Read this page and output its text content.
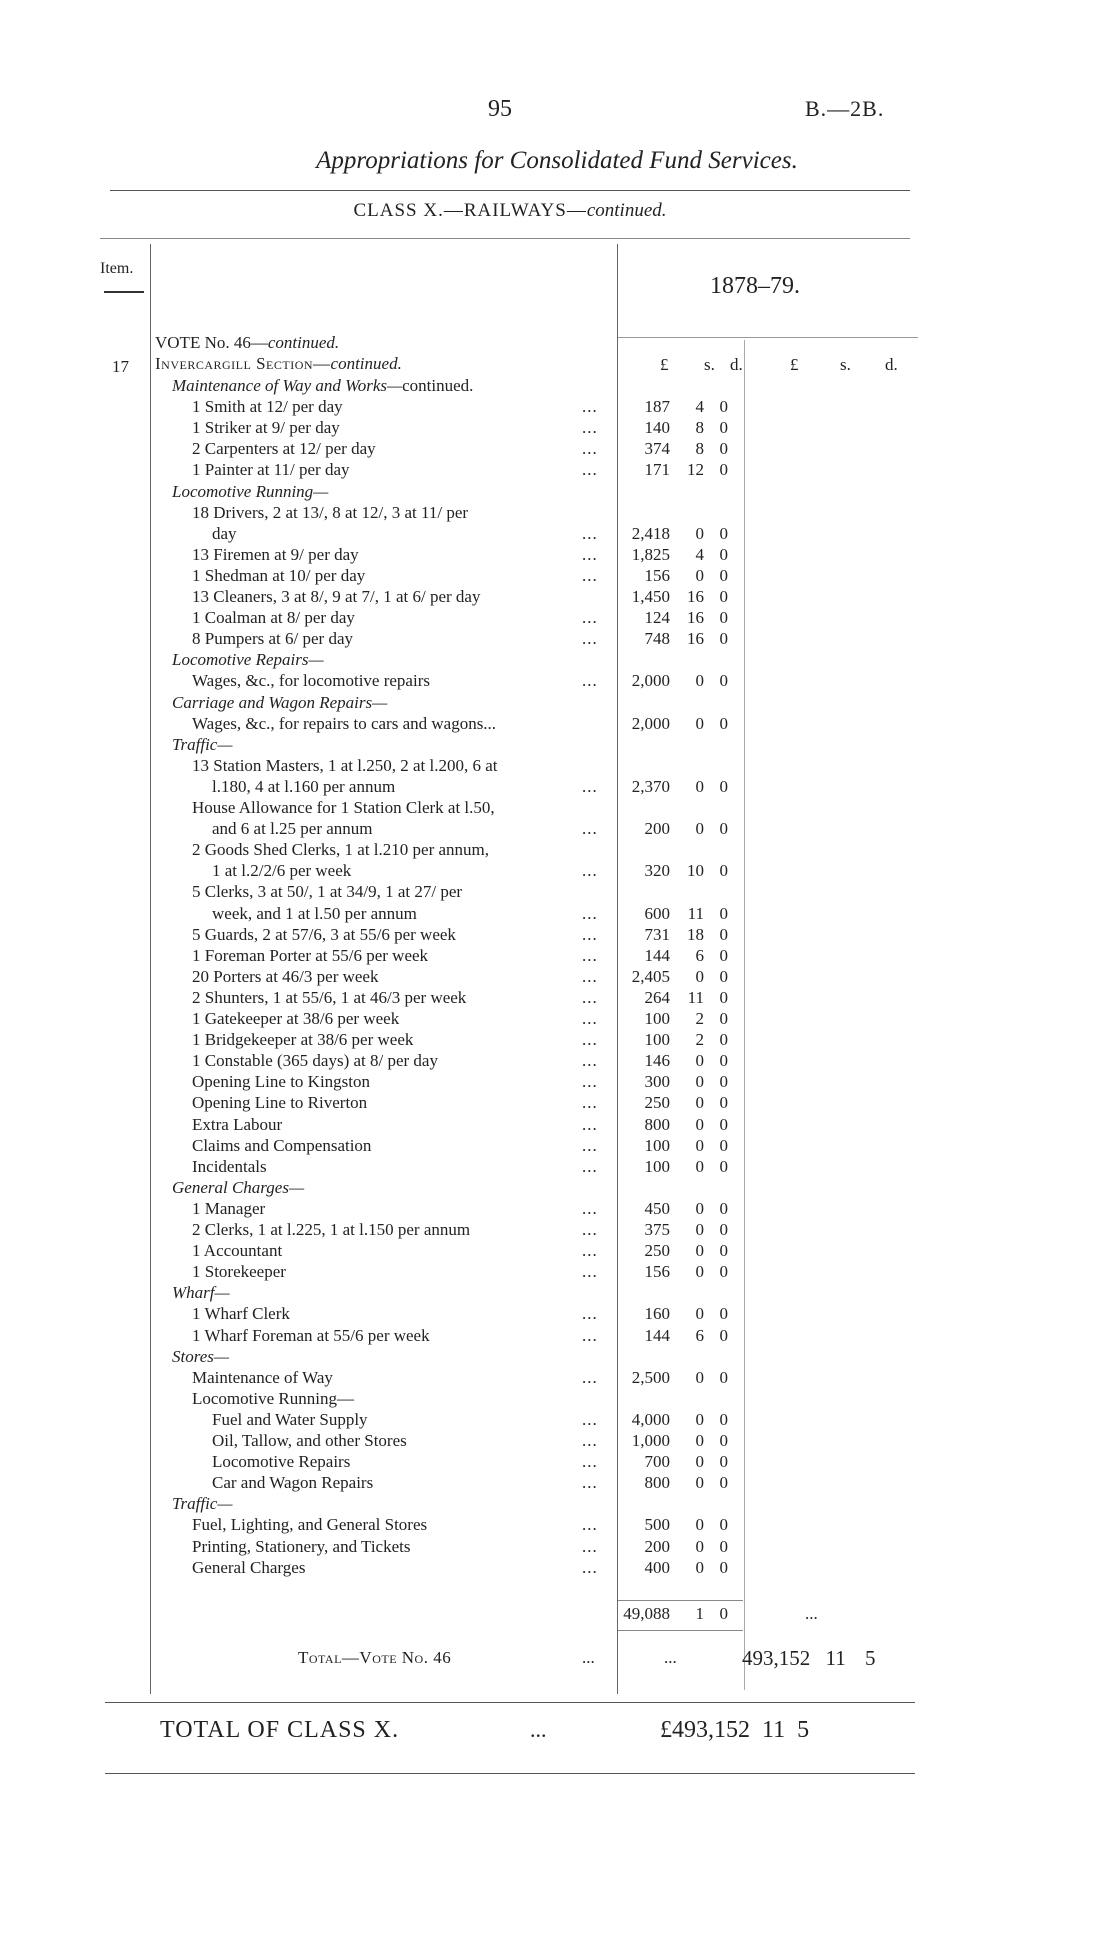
95	B.—2B.
Appropriations for Consolidated Fund Services.
CLASS X.—RAILWAYS—continued.
Item.
1878–79.
£ s. d.	£ s. d.
17
VOTE No. 46—continued.
Invercargill Section—continued.
Maintenance of Way and Works—continued.
1 Smith at 12/ per day	...	187	4 0
1 Striker at 9/ per day	...	140	8 0
2 Carpenters at 12/ per day	...	374	8 0
1 Painter at 11/ per day	...	171	12 0
Locomotive Running—
18 Drivers, 2 at 13/, 8 at 12/, 3 at 11/ per
day	...	2,418	0 0
13 Firemen at 9/ per day	...	1,825	4 0
1 Shedman at 10/ per day	...	156	0 0
13 Cleaners, 3 at 8/, 9 at 7/, 1 at 6/ per day	1,450	16 0
1 Coalman at 8/ per day	...	124	16 0
8 Pumpers at 6/ per day	...	748	16 0
Locomotive Repairs—
Wages, &c., for locomotive repairs	...	2,000	0 0
Carriage and Wagon Repairs—
Wages, &c., for repairs to cars and wagons...	2,000	0 0
Traffic—
13 Station Masters, 1 at l.250, 2 at l.200, 6 at
l.180, 4 at l.160 per annum	...	2,370	0 0
House Allowance for 1 Station Clerk at l.50,
and 6 at l.25 per annum	...	200	0 0
2 Goods Shed Clerks, 1 at l.210 per annum,
1 at l.2/2/6 per week	...	320	10 0
5 Clerks, 3 at 50/, 1 at 34/9, 1 at 27/ per
week, and 1 at l.50 per annum	...	600	11 0
5 Guards, 2 at 57/6, 3 at 55/6 per week	...	731	18 0
1 Foreman Porter at 55/6 per week	...	144	6 0
20 Porters at 46/3 per week	...	2,405	0 0
2 Shunters, 1 at 55/6, 1 at 46/3 per week	...	264	11 0
1 Gatekeeper at 38/6 per week	...	100	2 0
1 Bridgekeeper at 38/6 per week	...	100	2 0
1 Constable (365 days) at 8/ per day	...	146	0 0
Opening Line to Kingston	...	300	0 0
Opening Line to Riverton	...	250	0 0
Extra Labour	...	800	0 0
Claims and Compensation	...	100	0 0
Incidentals	...	100	0 0
General Charges—
1 Manager	...	450	0 0
2 Clerks, 1 at l.225, 1 at l.150 per annum	...	375	0 0
1 Accountant	...	250	0 0
1 Storekeeper	...	156	0 0
Wharf—
1 Wharf Clerk	...	160	0 0
1 Wharf Foreman at 55/6 per week	...	144	6 0
Stores—
Maintenance of Way	...	2,500	0 0
Locomotive Running—
Fuel and Water Supply	...	4,000	0 0
Oil, Tallow, and other Stores	...	1,000	0 0
Locomotive Repairs	...	700	0 0
Car and Wagon Repairs	...	800	0 0
Traffic—
Fuel, Lighting, and General Stores	...	500	0 0
Printing, Stationery, and Tickets	...	200	0 0
General Charges	...	400	0 0
49,088	1 0	...
Total—Vote No. 46	...	...	493,152 11 5
TOTAL OF CLASS X.	...	£493,152  11  5
